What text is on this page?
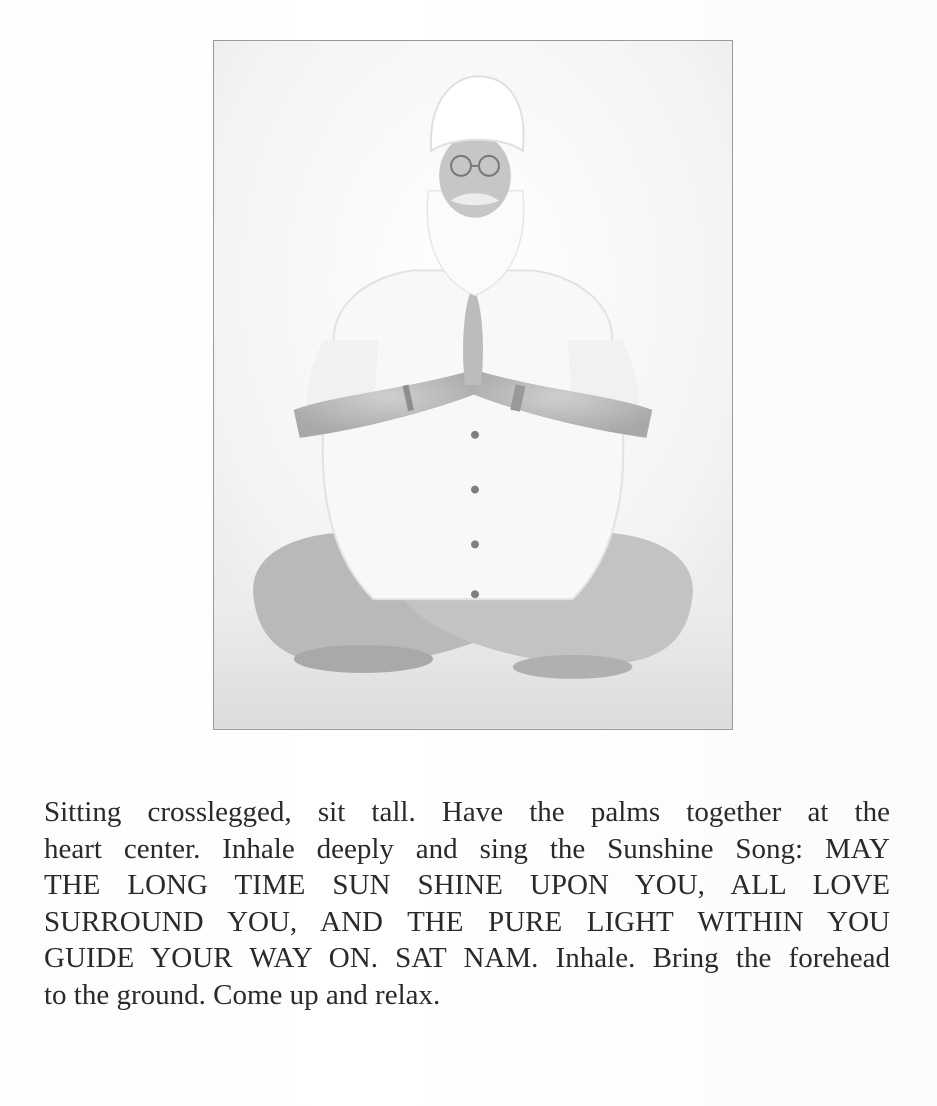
Sitting crosslegged, sit tall. Have the palms together at the
heart center. Inhale deeply and sing the Sunshine Song: MAY
THE LONG TIME SUN SHINE UPON YOU, ALL LOVE
SURROUND YOU, AND THE PURE LIGHT WITHIN YOU
GUIDE YOUR WAY ON. SAT NAM. Inhale. Bring the forehead
to the ground. Come up and relax.
